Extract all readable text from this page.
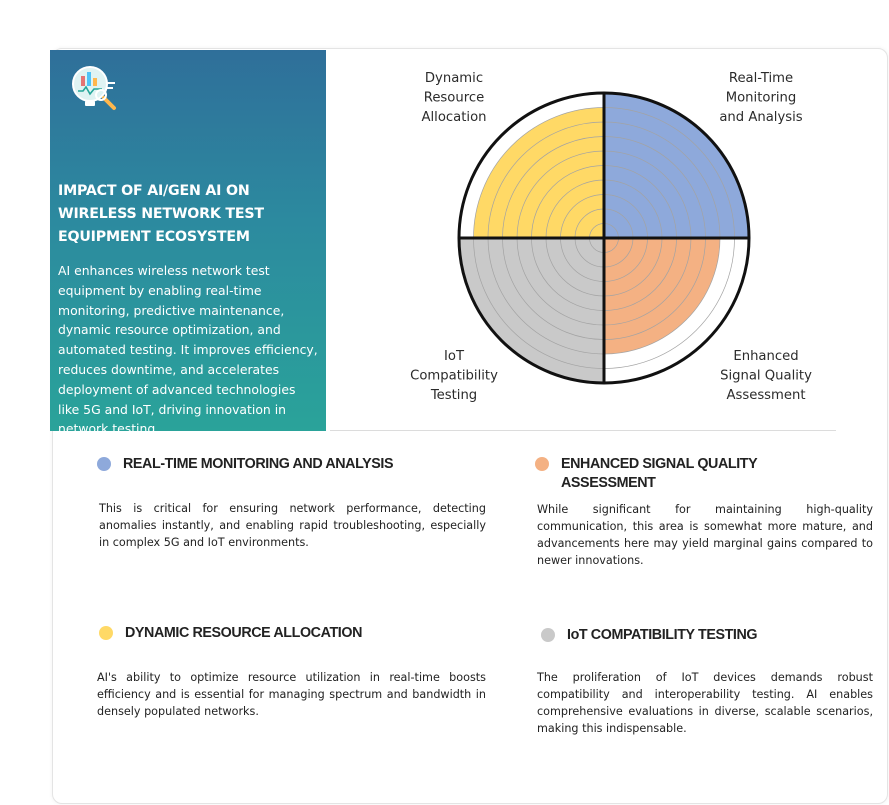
IMPACT OF AI/GEN AI ON WIRELESS NETWORK TEST EQUIPMENT ECOSYSTEM
AI enhances wireless network test equipment by enabling real-time monitoring, predictive maintenance, dynamic resource optimization, and automated testing. It improves efficiency, reduces downtime, and accelerates deployment of advanced technologies like 5G and IoT, driving innovation in network testing.
Real-Time
Monitoring
and Analysis
Enhanced
Signal Quality
Assessment
IoT
Compatibility
Testing
Dynamic
Resource
Allocation
REAL-TIME MONITORING AND ANALYSIS
This is critical for ensuring network performance, detecting anomalies instantly, and enabling rapid troubleshooting, especially in complex 5G and IoT environments.
ENHANCED SIGNAL QUALITY ASSESSMENT
While significant for maintaining high-quality communication, this area is somewhat more mature, and advancements here may yield marginal gains compared to newer innovations.
DYNAMIC RESOURCE ALLOCATION
AI's ability to optimize resource utilization in real-time boosts efficiency and is essential for managing spectrum and bandwidth in densely populated networks.
IoT COMPATIBILITY TESTING
The proliferation of IoT devices demands robust compatibility and interoperability testing. AI enables comprehensive evaluations in diverse, scalable scenarios, making this indispensable.
